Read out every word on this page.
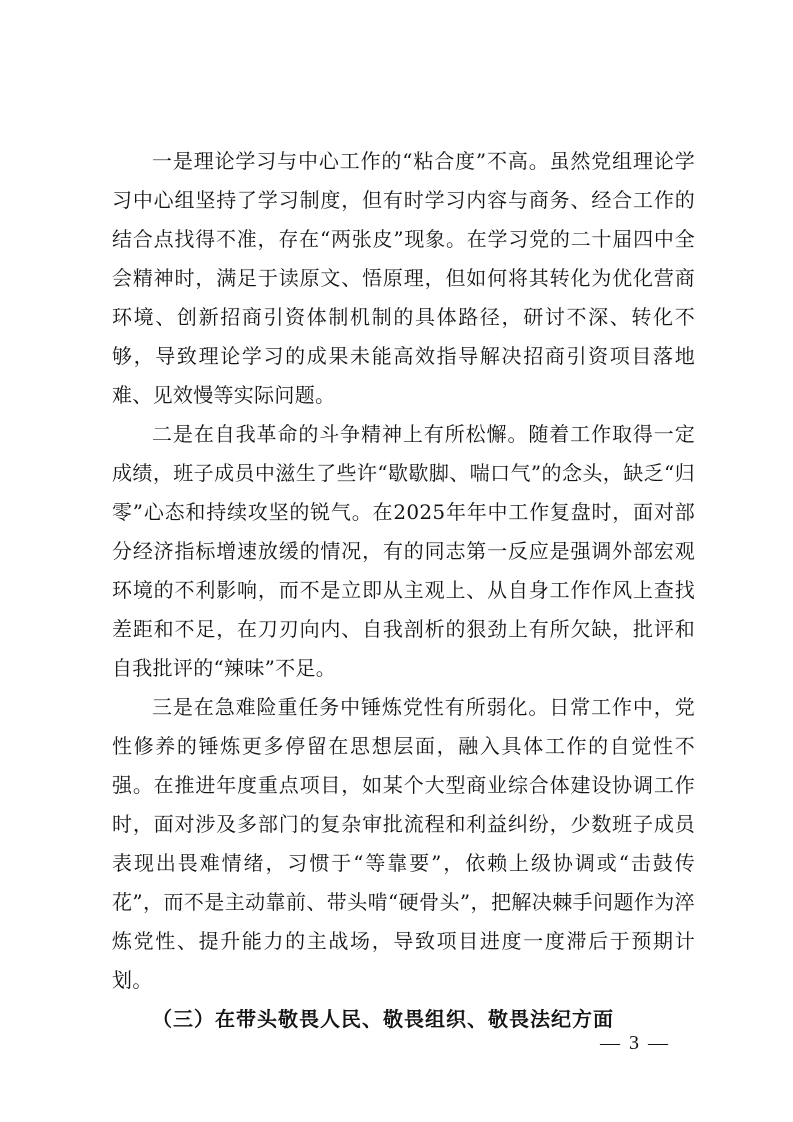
一是理论学习与中心工作的“粘合度”不高。虽然党组理论学习中心组坚持了学习制度，但有时学习内容与商务、经合工作的结合点找得不准，存在“两张皮”现象。在学习党的二十届四中全会精神时，满足于读原文、悟原理，但如何将其转化为优化营商环境、创新招商引资体制机制的具体路径，研讨不深、转化不够，导致理论学习的成果未能高效指导解决招商引资项目落地难、见效慢等实际问题。

二是在自我革命的斗争精神上有所松懈。随着工作取得一定成绩，班子成员中滋生了些许“歇歇脚、喘口气”的念头，缺乏“归零”心态和持续攻坚的锐气。在2025年年中工作复盘时，面对部分经济指标增速放缓的情况，有的同志第一反应是强调外部宏观环境的不利影响，而不是立即从主观上、从自身工作作风上查找差距和不足，在刀刃向内、自我剖析的狠劲上有所欠缺，批评和自我批评的“辣味”不足。

三是在急难险重任务中锤炼党性有所弱化。日常工作中，党性修养的锤炼更多停留在思想层面，融入具体工作的自觉性不强。在推进年度重点项目，如某个大型商业综合体建设协调工作时，面对涉及多部门的复杂审批流程和利益纠纷，少数班子成员表现出畏难情绪，习惯于“等靠要”，依赖上级协调或“击鼓传花”，而不是主动靠前、带头啃“硬骨头”，把解决棘手问题作为淬炼党性、提升能力的主战场，导致项目进度一度滞后于预期计划。

（三）在带头敬畏人民、敬畏组织、敬畏法纪方面

— 3 —
